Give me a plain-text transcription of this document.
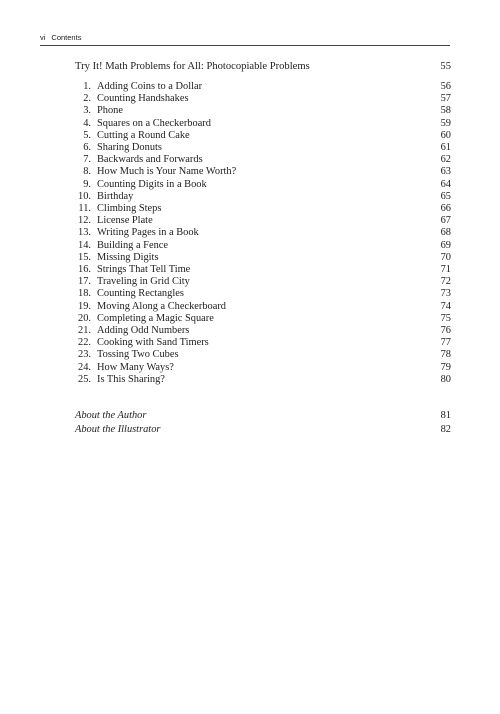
vi Contents
Try It! Math Problems for All: Photocopiable Problems	55
1. Adding Coins to a Dollar	56
2. Counting Handshakes	57
3. Phone	58
4. Squares on a Checkerboard	59
5. Cutting a Round Cake	60
6. Sharing Donuts	61
7. Backwards and Forwards	62
8. How Much is Your Name Worth?	63
9. Counting Digits in a Book	64
10. Birthday	65
11. Climbing Steps	66
12. License Plate	67
13. Writing Pages in a Book	68
14. Building a Fence	69
15. Missing Digits	70
16. Strings That Tell Time	71
17. Traveling in Grid City	72
18. Counting Rectangles	73
19. Moving Along a Checkerboard	74
20. Completing a Magic Square	75
21. Adding Odd Numbers	76
22. Cooking with Sand Timers	77
23. Tossing Two Cubes	78
24. How Many Ways?	79
25. Is This Sharing?	80
About the Author	81
About the Illustrator	82
